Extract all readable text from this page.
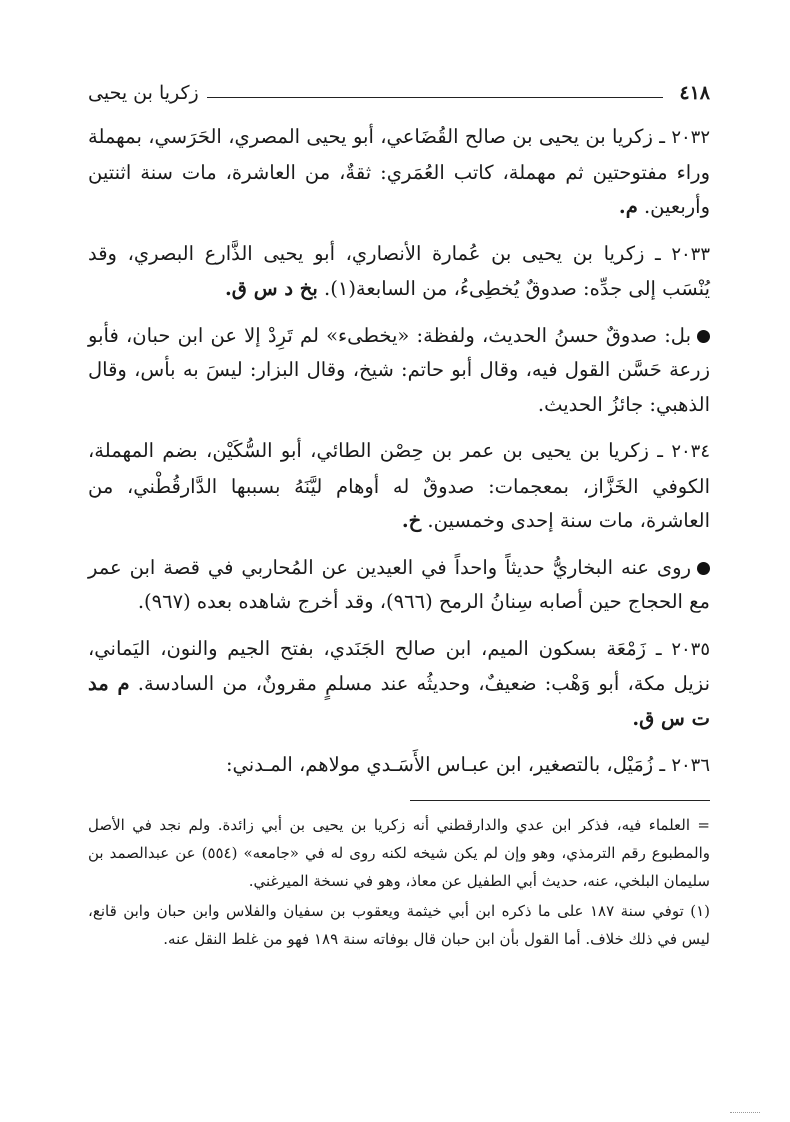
٤١٨
زكريا بن يحيى

٢٠٣٢ ـ زكريا بن يحيى بن صالح القُضَاعي، أبو يحيى المصري، الحَرَسي، بمهملة وراء مفتوحتين ثم مهملة، كاتب العُمَري: ثقةٌ، من العاشرة، مات سنة اثنتين وأربعين. م.

٢٠٣٣ ـ زكريا بن يحيى بن عُمارة الأنصاري، أبو يحيى الذَّارع البصري، وقد يُنْسَب إلى جدِّه: صدوقٌ يُخطِىءُ، من السابعة(١). بخ د س ق.

بل: صدوقٌ حسنُ الحديث، ولفظة: «يخطىء» لم تَرِدْ إلا عن ابن حبان، فأبو زرعة حَسَّن القول فيه، وقال أبو حاتم: شيخ، وقال البزار: ليسَ به بأس، وقال الذهبي: جائزُ الحديث.

٢٠٣٤ ـ زكريا بن يحيى بن عمر بن حِصْن الطائي، أبو السُّكَيْن، بضم المهملة، الكوفي الخَزَّاز، بمعجمات: صدوقٌ له أوهام ليَّنَهُ بسببها الدَّارقُطْني، من العاشرة، مات سنة إحدى وخمسين. خ.

روى عنه البخاريُّ حديثاً واحداً في العيدين عن المُحاربي في قصة ابن عمر مع الحجاج حين أصابه سِنانُ الرمح (٩٦٦)، وقد أخرج شاهده بعده (٩٦٧).

٢٠٣٥ ـ زَمْعَة بسكون الميم، ابن صالح الجَنَدي، بفتح الجيم والنون، اليَماني، نزيل مكة، أبو وَهْب: ضعيفٌ، وحديثُه عند مسلمٍ مقرونٌ، من السادسة. م مد ت س ق.

٢٠٣٦ ـ زُمَيْل، بالتصغير، ابن عبـاس الأَسَـدي مولاهم، المـدني:

= العلماء فيه، فذكر ابن عدي والدارقطني أنه زكريا بن يحيى بن أبي زائدة. ولم نجد في الأصل والمطبوع رقم الترمذي، وهو وإن لم يكن شيخه لكنه روى له في «جامعه» (٥٥٤) عن عبدالصمد بن سليمان البلخي، عنه، حديث أبي الطفيل عن معاذ، وهو في نسخة الميرغني.

(١) توفي سنة ١٨٧ على ما ذكره ابن أبي خيثمة ويعقوب بن سفيان والفلاس وابن حبان وابن قانع، ليس في ذلك خلاف. أما القول بأن ابن حبان قال بوفاته سنة ١٨٩ فهو من غلط النقل عنه.
